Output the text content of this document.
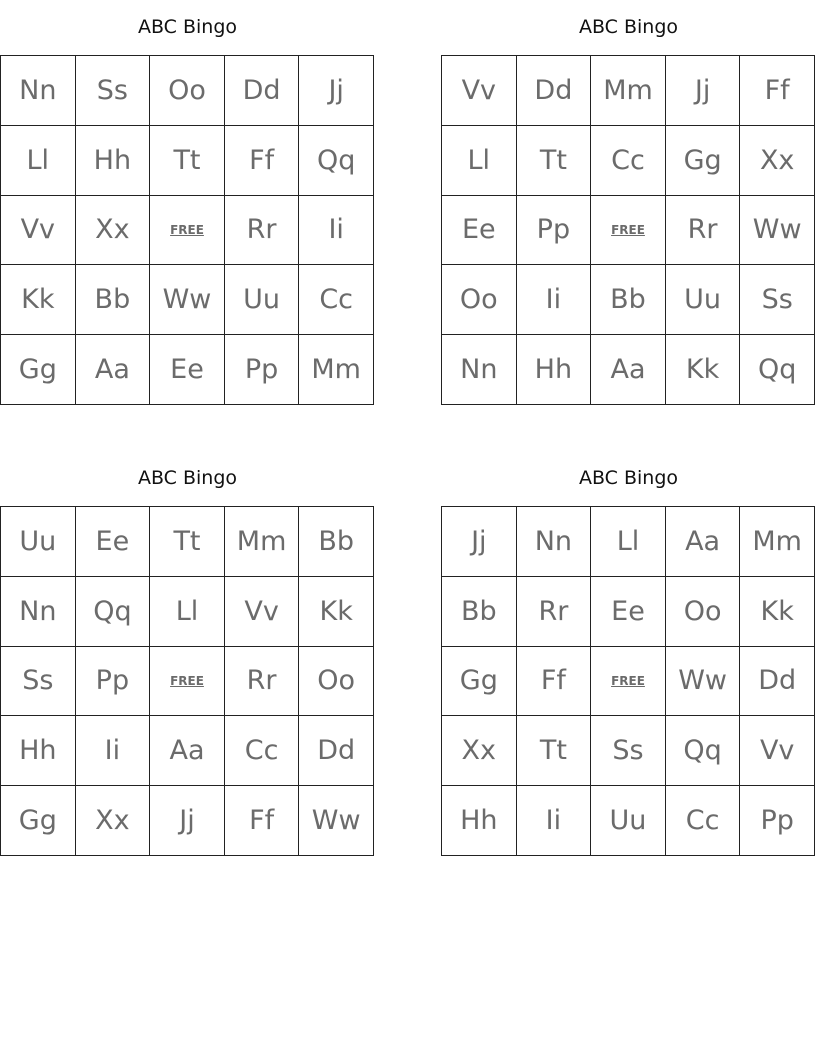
ABC Bingo
Nn	Ss	Oo	Dd	Jj
Ll	Hh	Tt	Ff	Qq
Vv	Xx	FREE	Rr	Ii
Kk	Bb	Ww	Uu	Cc
Gg	Aa	Ee	Pp	Mm
ABC Bingo
Vv	Dd	Mm	Jj	Ff
Ll	Tt	Cc	Gg	Xx
Ee	Pp	FREE	Rr	Ww
Oo	Ii	Bb	Uu	Ss
Nn	Hh	Aa	Kk	Qq
ABC Bingo
Uu	Ee	Tt	Mm	Bb
Nn	Qq	Ll	Vv	Kk
Ss	Pp	FREE	Rr	Oo
Hh	Ii	Aa	Cc	Dd
Gg	Xx	Jj	Ff	Ww
ABC Bingo
Jj	Nn	Ll	Aa	Mm
Bb	Rr	Ee	Oo	Kk
Gg	Ff	FREE	Ww	Dd
Xx	Tt	Ss	Qq	Vv
Hh	Ii	Uu	Cc	Pp
